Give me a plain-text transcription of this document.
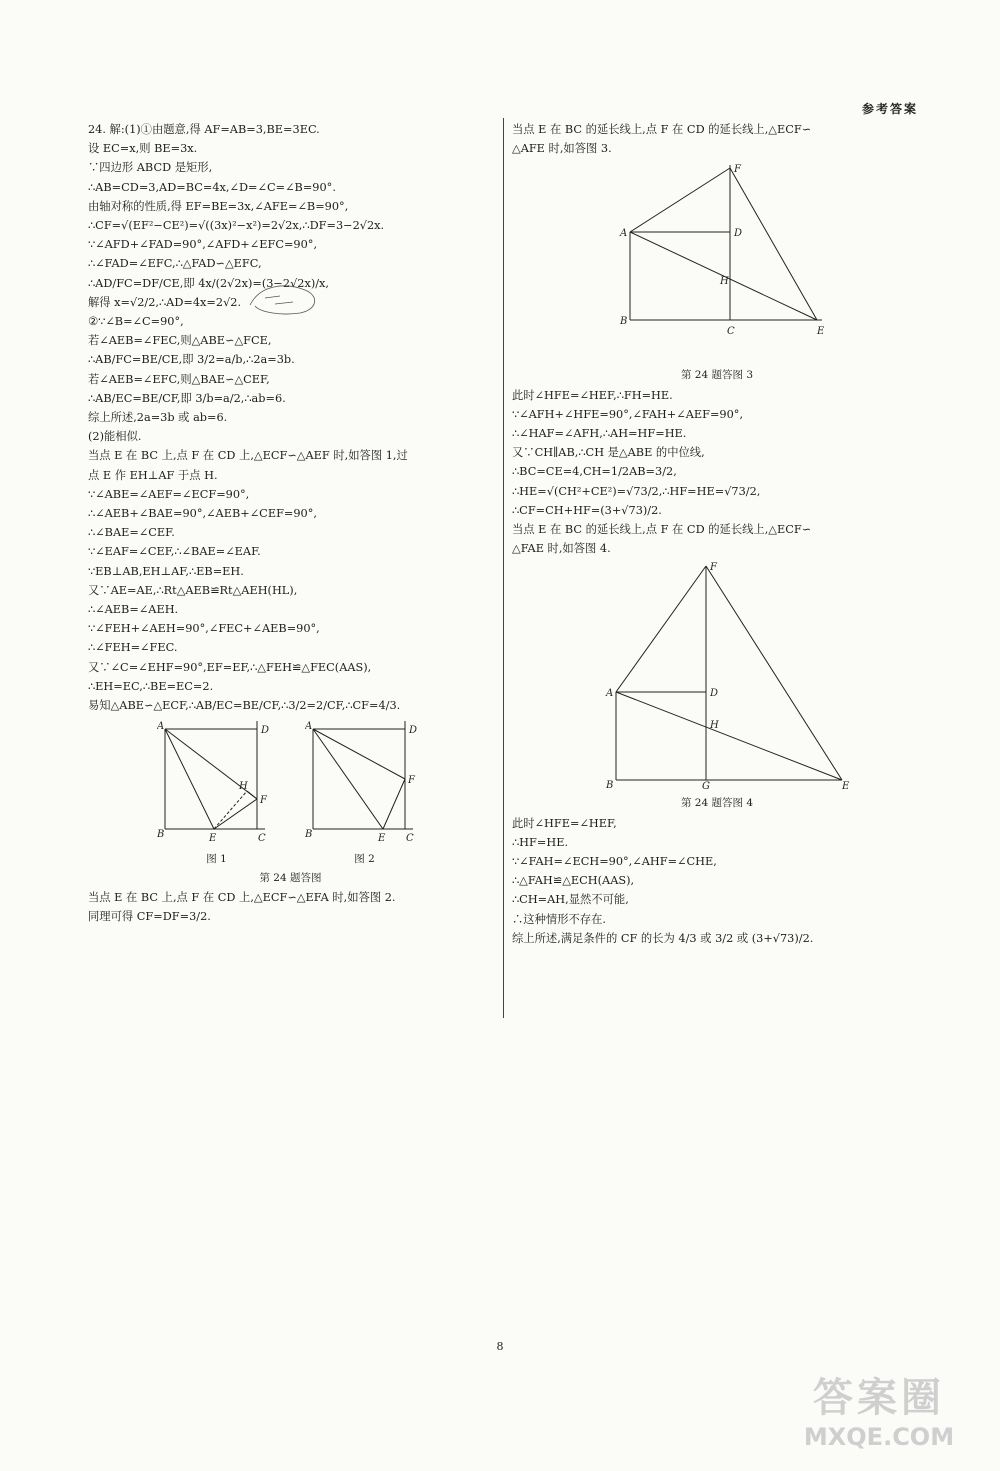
参考答案
24. 解:(1)①由题意,得 AF=AB=3,BE=3EC.
设 EC=x,则 BE=3x.
∵四边形 ABCD 是矩形,
∴AB=CD=3,AD=BC=4x,∠D=∠C=∠B=90°.
由轴对称的性质,得 EF=BE=3x,∠AFE=∠B=90°,
∴CF=√(EF²−CE²)=√((3x)²−x²)=2√2x,∴DF=3−2√2x.
∵∠AFD+∠FAD=90°,∠AFD+∠EFC=90°,
∴∠FAD=∠EFC,∴△FAD∽△EFC,
∴AD/FC=DF/CE,即 4x/(2√2x)=(3−2√2x)/x,
解得 x=√2/2,∴AD=4x=2√2.
②∵∠B=∠C=90°,
若∠AEB=∠FEC,则△ABE∽△FCE,
∴AB/FC=BE/CE,即 3/2=a/b,∴2a=3b.
若∠AEB=∠EFC,则△BAE∽△CEF,
∴AB/EC=BE/CF,即 3/b=a/2,∴ab=6.
综上所述,2a=3b 或 ab=6.
(2)能相似.
当点 E 在 BC 上,点 F 在 CD 上,△ECF∽△AEF 时,如答图 1,过
点 E 作 EH⊥AF 于点 H.
∵∠ABE=∠AEF=∠ECF=90°,
∴∠AEB+∠BAE=90°,∠AEB+∠CEF=90°,
∴∠BAE=∠CEF.
∵∠EAF=∠CEF,∴∠BAE=∠EAF.
∵EB⊥AB,EH⊥AF,∴EB=EH.
又∵AE=AE,∴Rt△AEB≌Rt△AEH(HL),
∴∠AEB=∠AEH.
∵∠FEH+∠AEH=90°,∠FEC+∠AEB=90°,
∴∠FEH=∠FEC.
又∵∠C=∠EHF=90°,EF=EF,∴△FEH≌△FEC(AAS),
∴EH=EC,∴BE=EC=2.
易知△ABE∽△ECF,∴AB/EC=BE/CF,∴3/2=2/CF,∴CF=4/3.
A	D
B	E	C
H
F
图 1
A	D
B	E C
F
图 2
第 24 题答图
当点 E 在 BC 上,点 F 在 CD 上,△ECF∽△EFA 时,如答图 2.
同理可得 CF=DF=3/2.
当点 E 在 BC 的延长线上,点 F 在 CD 的延长线上,△ECF∽
△AFE 时,如答图 3.
F
A	D
H
B
C	E
第 24 题答图 3
此时∠HFE=∠HEF,∴FH=HE.
∵∠AFH+∠HFE=90°,∠FAH+∠AEF=90°,
∴∠HAF=∠AFH,∴AH=HF=HE.
又∵CH∥AB,∴CH 是△ABE 的中位线,
∴BC=CE=4,CH=1/2AB=3/2,
∴HE=√(CH²+CE²)=√73/2,∴HF=HE=√73/2,
∴CF=CH+HF=(3+√73)/2.
当点 E 在 BC 的延长线上,点 F 在 CD 的延长线上,△ECF∽
△FAE 时,如答图 4.
F
A	D
H
B	G	E
第 24 题答图 4
此时∠HFE=∠HEF,
∴HF=HE.
∵∠FAH=∠ECH=90°,∠AHF=∠CHE,
∴△FAH≌△ECH(AAS),
∴CH=AH,显然不可能,
∴这种情形不存在.
综上所述,满足条件的 CF 的长为 4/3 或 3/2 或 (3+√73)/2.
8
答案圈
MXQE.COM
